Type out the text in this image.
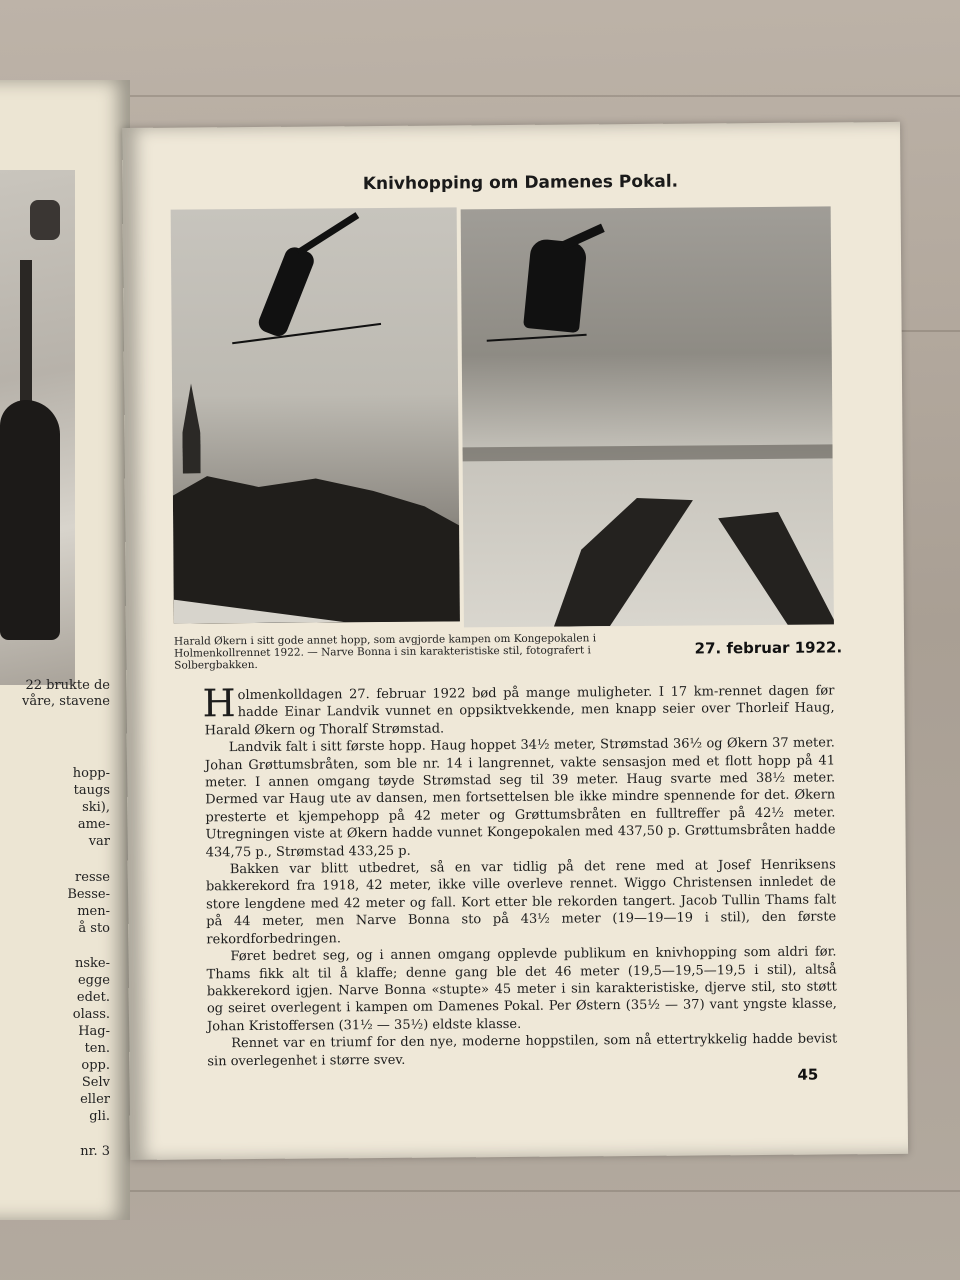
22 brukte de
våre, stavene
hopp-
taugs
ski),
ame-
var
resse
Besse-
men-
å sto
nske-
egge
edet.
olass.
Hag-
ten.
opp.
Selv
eller
gli.
nr. 3
Knivhopping om Damenes Pokal.
Harald Økern i sitt gode annet hopp, som avgjorde kampen om Kongepokalen i Holmenkollrennet 1922. — Narve Bonna i sin karakteristiske stil, fotografert i Solbergbakken.
27. februar 1922.

Holmenkolldagen 27. februar 1922 bød på mange muligheter. I 17 km-rennet dagen før hadde Einar Landvik vunnet en oppsiktvekkende, men knapp seier over Thorleif Haug, Harald Økern og Thoralf Strømstad.

Landvik falt i sitt første hopp. Haug hoppet 34½ meter, Strømstad 36½ og Økern 37 meter. Johan Grøttumsbråten, som ble nr. 14 i langrennet, vakte sensasjon med et flott hopp på 41 meter. I annen omgang tøyde Strømstad seg til 39 meter. Haug svarte med 38½ meter. Dermed var Haug ute av dansen, men fortsettelsen ble ikke mindre spennende for det. Økern presterte et kjempehopp på 42 meter og Grøttumsbråten en fulltreffer på 42½ meter. Utregningen viste at Økern hadde vunnet Kongepokalen med 437,50 p. Grøttumsbråten hadde 434,75 p., Strømstad 433,25 p.

Bakken var blitt utbedret, så en var tidlig på det rene med at Josef Henriksens bakkerekord fra 1918, 42 meter, ikke ville overleve rennet. Wiggo Christensen innledet de store lengdene med 42 meter og fall. Kort etter ble rekorden tangert. Jacob Tullin Thams falt på 44 meter, men Narve Bonna sto på 43½ meter (19—19—19 i stil), den første rekordforbedringen.

Føret bedret seg, og i annen omgang opplevde publikum en knivhopping som aldri før. Thams fikk alt til å klaffe; denne gang ble det 46 meter (19,5—19,5—19,5 i stil), altså bakkerekord igjen. Narve Bonna «stupte» 45 meter i sin karakteristiske, djerve stil, sto støtt og seiret overlegent i kampen om Damenes Pokal. Per Østern (35½ — 37) vant yngste klasse, Johan Kristoffersen (31½ — 35½) eldste klasse.

Rennet var en triumf for den nye, moderne hoppstilen, som nå ettertrykkelig hadde bevist sin overlegenhet i større svev.

45
